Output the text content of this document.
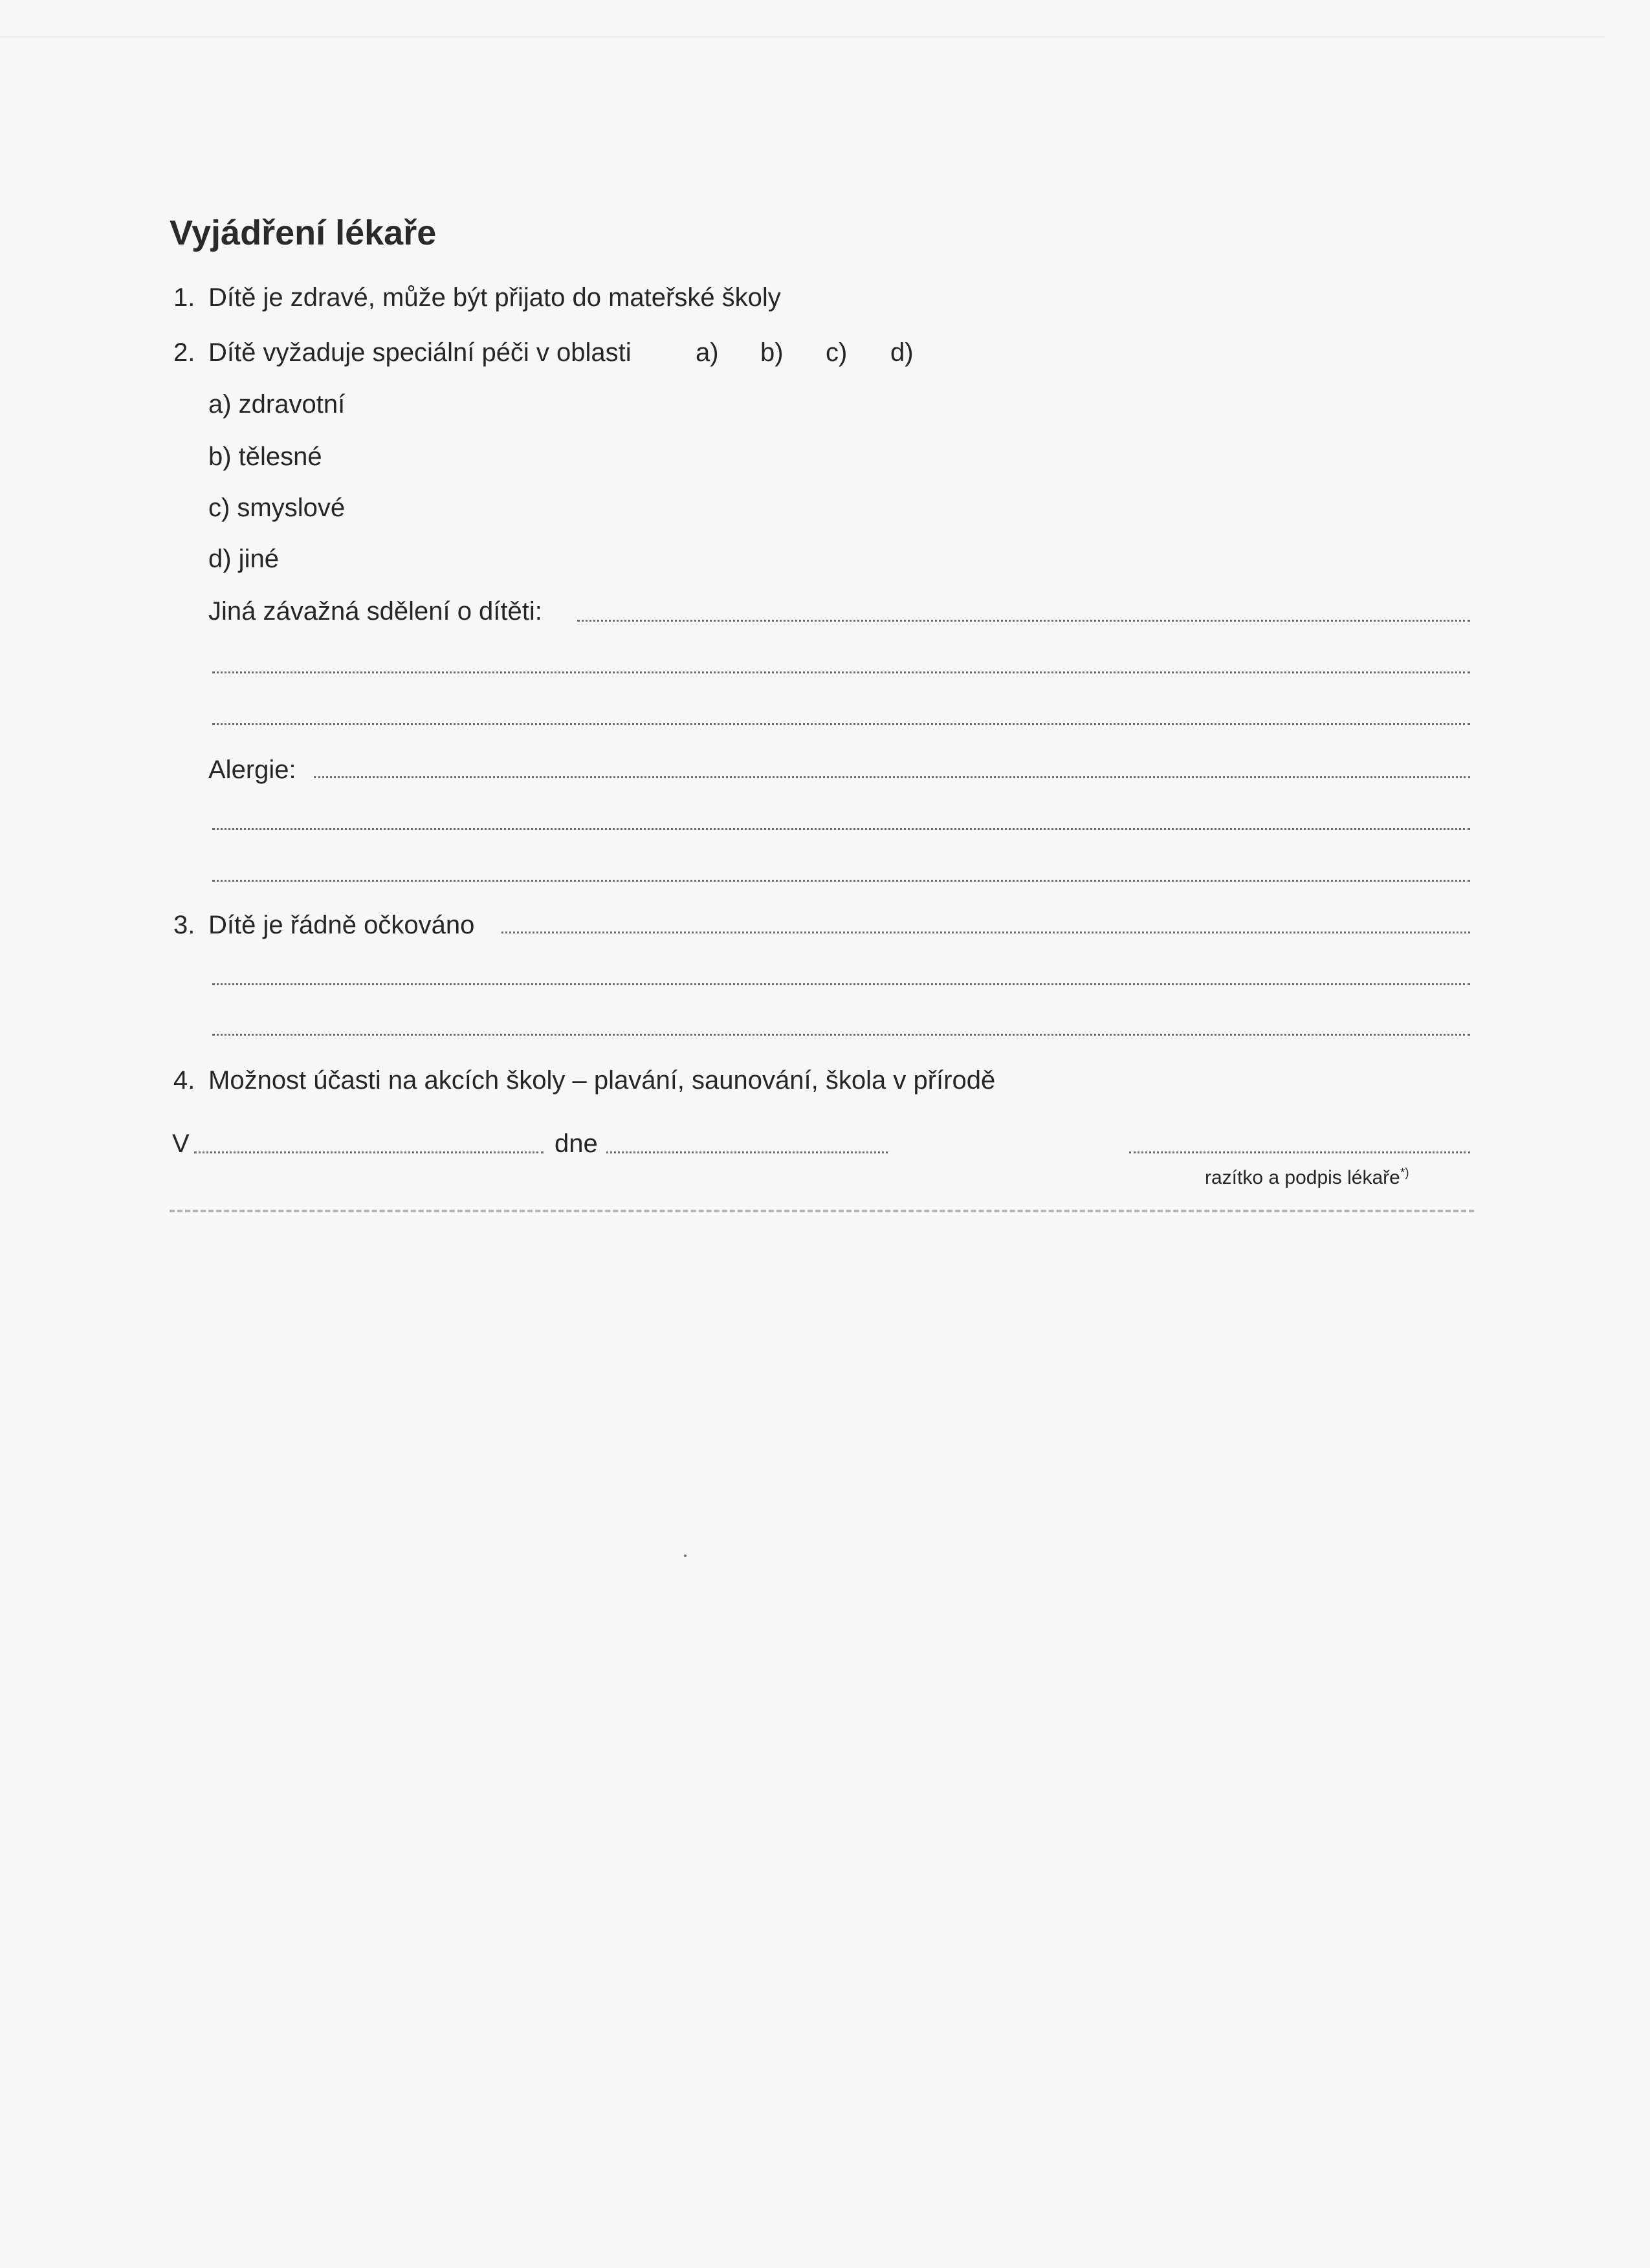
Vyjádření lékaře
1. Dítě je zdravé, může být přijato do mateřské školy
2. Dítě vyžaduje speciální péči v oblasti a) b) c) d)
a) zdravotní
b) tělesné
c) smyslové
d) jiné
Jiná závažná sdělení o dítěti:
Alergie:
3. Dítě je řádně očkováno
4. Možnost účasti na akcích školy – plavání, saunování, škola v přírodě
V	dne
razítko a podpis lékaře*)
